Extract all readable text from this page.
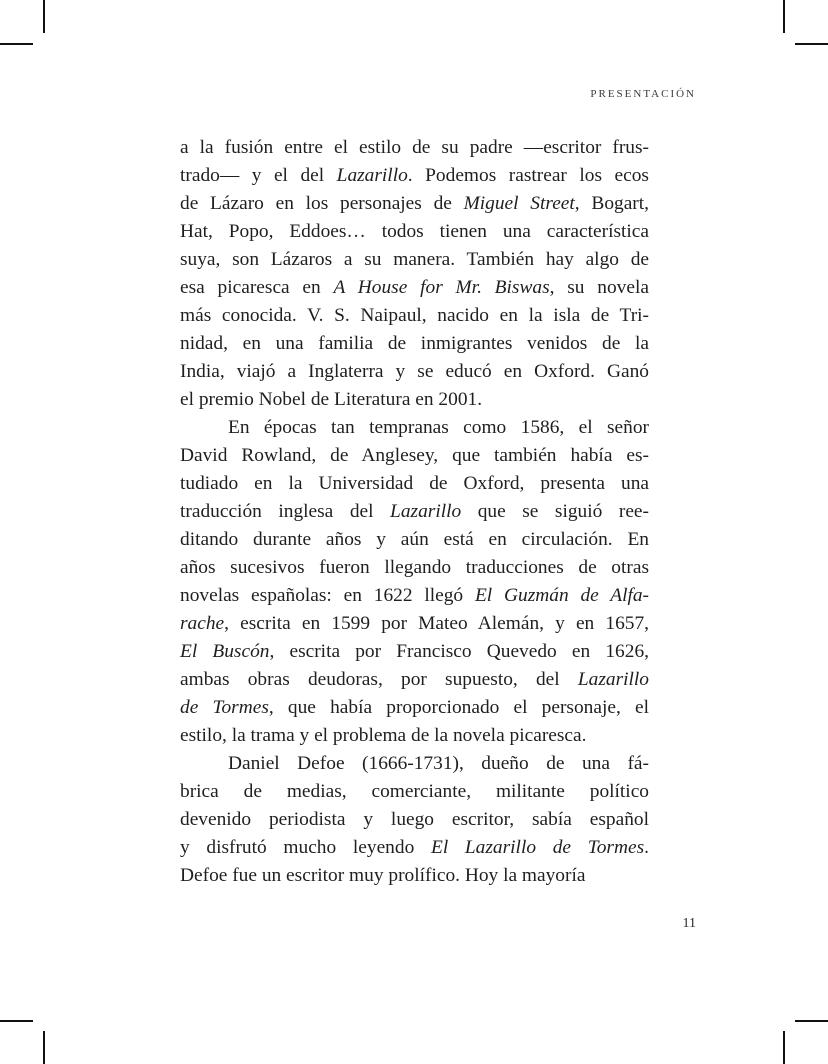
PRESENTACIÓN
a la fusión entre el estilo de su padre —escritor frus-
trado— y el del Lazarillo. Podemos rastrear los ecos
de Lázaro en los personajes de Miguel Street, Bogart,
Hat, Popo, Eddoes… todos tienen una característica
suya, son Lázaros a su manera. También hay algo de
esa picaresca en A House for Mr. Biswas, su novela
más conocida. V. S. Naipaul, nacido en la isla de Tri-
nidad, en una familia de inmigrantes venidos de la
India, viajó a Inglaterra y se educó en Oxford. Ganó
el premio Nobel de Literatura en 2001.
En épocas tan tempranas como 1586, el señor
David Rowland, de Anglesey, que también había es-
tudiado en la Universidad de Oxford, presenta una
traducción inglesa del Lazarillo que se siguió ree-
ditando durante años y aún está en circulación. En
años sucesivos fueron llegando traducciones de otras
novelas españolas: en 1622 llegó El Guzmán de Alfa-
rache, escrita en 1599 por Mateo Alemán, y en 1657,
El Buscón, escrita por Francisco Quevedo en 1626,
ambas obras deudoras, por supuesto, del Lazarillo
de Tormes, que había proporcionado el personaje, el
estilo, la trama y el problema de la novela picaresca.
Daniel Defoe (1666-1731), dueño de una fá-
brica de medias, comerciante, militante político
devenido periodista y luego escritor, sabía español
y disfrutó mucho leyendo El Lazarillo de Tormes.
Defoe fue un escritor muy prolífico. Hoy la mayoría
11
